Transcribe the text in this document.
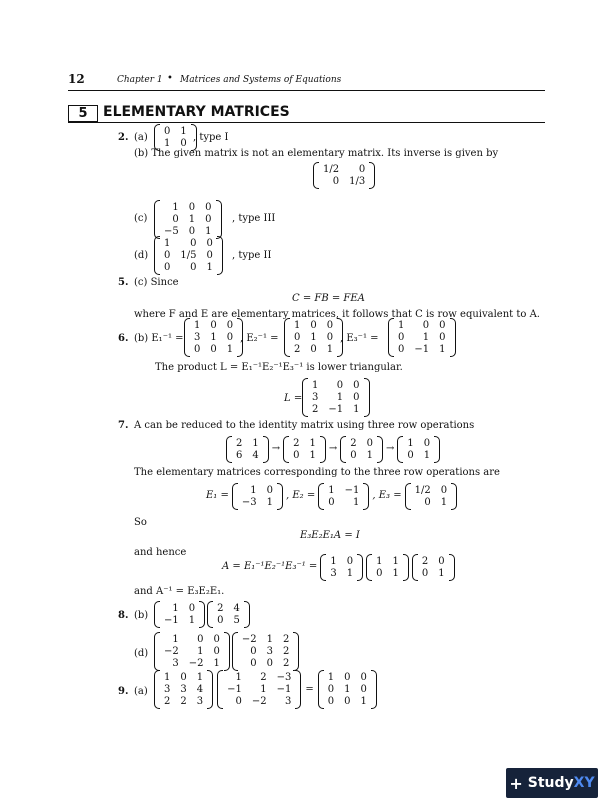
12	Chapter 1 • Matrices and Systems of Equations
5	ELEMENTARY MATRICES
2. (a)
0 1
1 0
, type I
(b) The given matrix is not an elementary matrix. Its inverse is given by
1/2	0
0 1/3
(c)
1 0 0
0 1 0
−5 0 1
, type III
(d)
1	0 0
0 1/5 0
0	0 1
, type II
5. (c) Since
C = FB = FEA
where F and E are elementary matrices, it follows that C is row equivalent to A.
6. (b) E₁⁻¹ =
1 0 0
3 1 0
0 0 1
, E₂⁻¹ =
1 0 0
0 1 0
2 0 1
, E₃⁻¹ =
1	0 0
0	1 0
0 −1 1
The product L = E₁⁻¹E₂⁻¹E₃⁻¹ is lower triangular.
L =
1	0 0
3	1 0
2 −1 1
7. A can be reduced to the identity matrix using three row operations
2 1
6 4
→ 2 1
0 1
→ 2 0
0 1
→ 1 0
0 1
The elementary matrices corresponding to the three row operations are
E₁ =	1 0
−3 1
, E₂ = 1 −1
0	1
, E₃ = 1/2 0
0 1
So
E₃E₂E₁A = I
and hence
A = E₁⁻¹E₂⁻¹E₃⁻¹ = 1 0
3 1
1 1
0 1
2 0
0 1
and A⁻¹ = E₃E₂E₁.
8. (b)
1 0
−1 1
2 4
0 5
(d)
1	0 0
−2	1 0
3 −2 1
−2 1 2
0 3 2
0 0 2
9. (a)
1 0 1
3 3 4
2 2 3
1	2 −3
−1	1 −1
0 −2	3
=
1 0 0
0 1 0
0 0 1
+ Study XY
